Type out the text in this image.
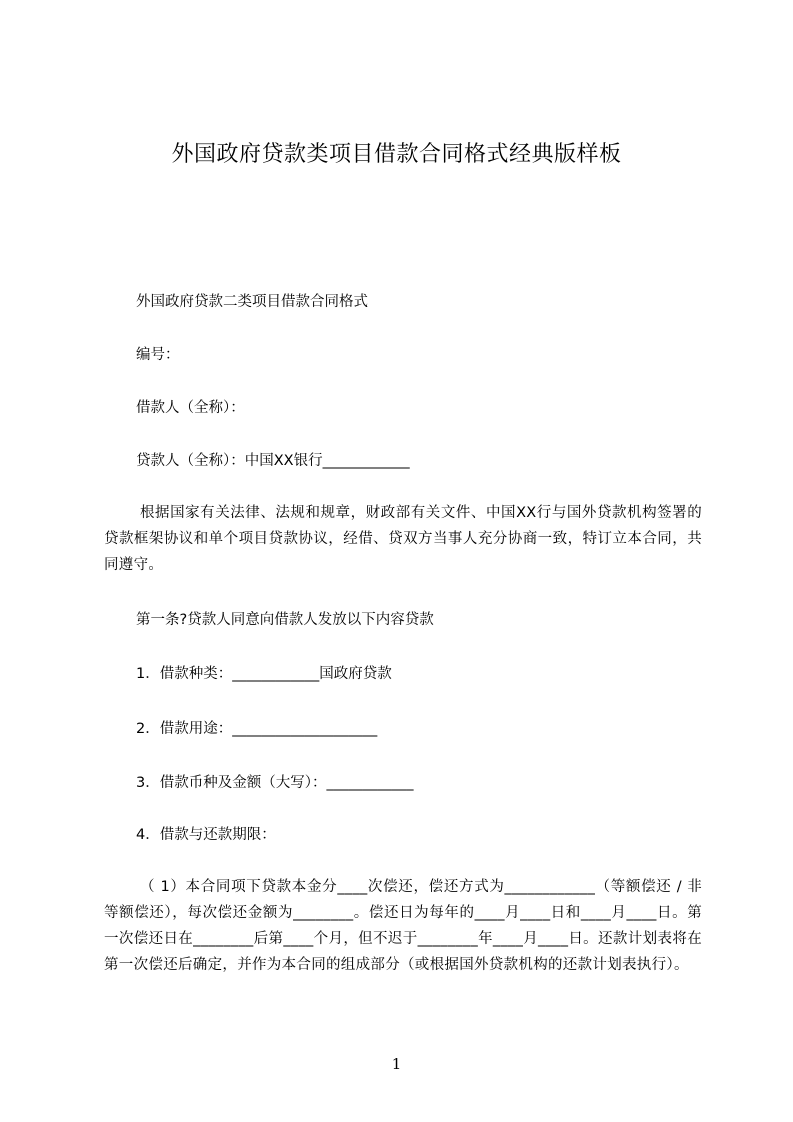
外国政府贷款类项目借款合同格式经典版样板
外国政府贷款二类项目借款合同格式
编号：
借款人（全称）：
贷款人（全称）：中国XX银行____________
根据国家有关法律、法规和规章，财政部有关文件、中国XX行与国外贷款机构签署的贷款框架协议和单个项目贷款协议，经借、贷双方当事人充分协商一致，特订立本合同，共同遵守。
第一条?贷款人同意向借款人发放以下内容贷款
1．借款种类：____________国政府贷款
2．借款用途：____________________
3．借款币种及金额（大写）：____________
4．借款与还款期限：
（ 1）本合同项下贷款本金分____次偿还，偿还方式为____________（等额偿还 / 非等额偿还），每次偿还金额为________。偿还日为每年的____月____日和____月____日。第一次偿还日在________后第____个月，但不迟于________年____月____日。还款计划表将在第一次偿还后确定，并作为本合同的组成部分（或根据国外贷款机构的还款计划表执行）。
1
